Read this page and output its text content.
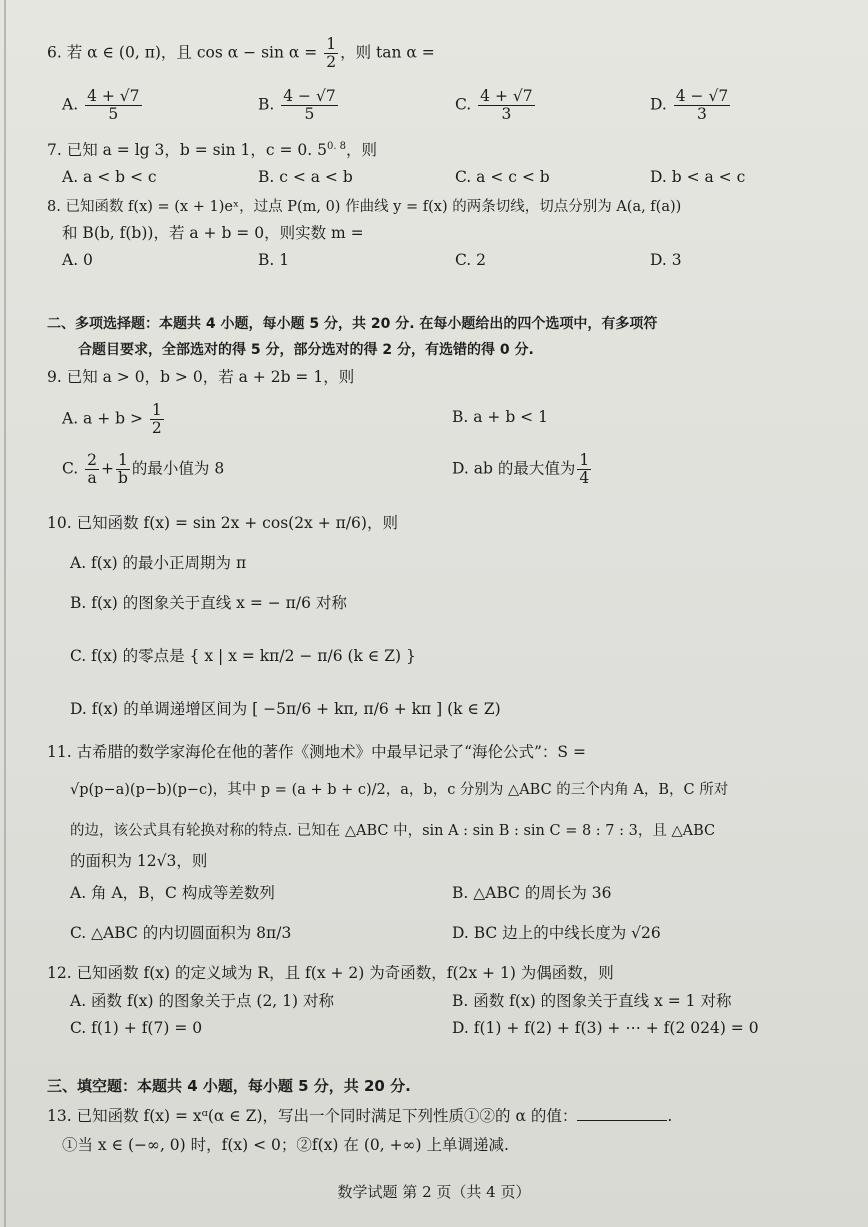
6. 若 α ∈ (0, π)，且 $\cos \alpha - \sin \alpha = \frac{1}{2}$ ，则 tan α =
A. $\frac{4 + √7}{5}$	B. $\frac{4 - √7}{5}$	C. $\frac{4 + √7}{3}$	D. $\frac{4 - √7}{3}$
7. 已知 a = lg 3，b = sin 1，c = 0. $5^{0. 8}$，则
A. a < b < c	B. c < a < b	C. a < c < b	D. b < a < c
8. 已知函数 f(x) = (x + 1)eˣ，过点 P(m, 0) 作曲线 y = f(x) 的两条切线，切点分别为 A(a, f(a))
和 B(b, f(b))，若 a + b = 0，则实数 m =
A. 0	B. 1	C. 2	D. 3
二、多项选择题：本题共 4 小题，每小题 5 分，共 20 分. 在每小题给出的四个选项中，有多项符
合题目要求，全部选对的得 5 分，部分选对的得 2 分，有选错的得 0 分.
9. 已知 a > 0，b > 0，若 a + 2b = 1，则
A. $a + b > \frac{1}{2}$	B. a + b < 1
C. $\frac{2}{a} + \frac{1}{b}$ 的最小值为 8	D. ab 的最大值为 $\frac{1}{4}$
10. 已知函数 f(x) = sin 2x + cos(2x + π/6)，则
A. f(x) 的最小正周期为 π
B. f(x) 的图象关于直线 x = − π/6 对称
C. f(x) 的零点是 { x | x = kπ/2 − π/6 (k ∈ Z) }
D. f(x) 的单调递增区间为 [ −5π/6 + kπ, π/6 + kπ ] (k ∈ Z)
11. 古希腊的数学家海伦在他的著作《测地术》中最早记录了“海伦公式”：S =
√p(p−a)(p−b)(p−c)，其中 p = (a + b + c)/2，a，b，c 分别为 △ABC 的三个内角 A，B，C 所对
的边，该公式具有轮换对称的特点. 已知在 △ABC 中，sin A : sin B : sin C = 8 : 7 : 3，且 △ABC
的面积为 12√3，则
A. 角 A，B，C 构成等差数列	B. △ABC 的周长为 36
C. △ABC 的内切圆面积为 8π/3	D. BC 边上的中线长度为 √26
12. 已知函数 f(x) 的定义域为 R，且 f(x + 2) 为奇函数，f(2x + 1) 为偶函数，则
A. 函数 f(x) 的图象关于点 (2, 1) 对称	B. 函数 f(x) 的图象关于直线 x = 1 对称
C. f(1) + f(7) = 0	D. f(1) + f(2) + f(3) + ⋯ + f(2 024) = 0
三、填空题：本题共 4 小题，每小题 5 分，共 20 分.
13. 已知函数 f(x) = xᵅ(α ∈ Z)，写出一个同时满足下列性质①②的 α 的值：	.
①当 x ∈ (−∞, 0) 时，f(x) < 0；②f(x) 在 (0, +∞) 上单调递减.
数学试题 第 2 页（共 4 页）
